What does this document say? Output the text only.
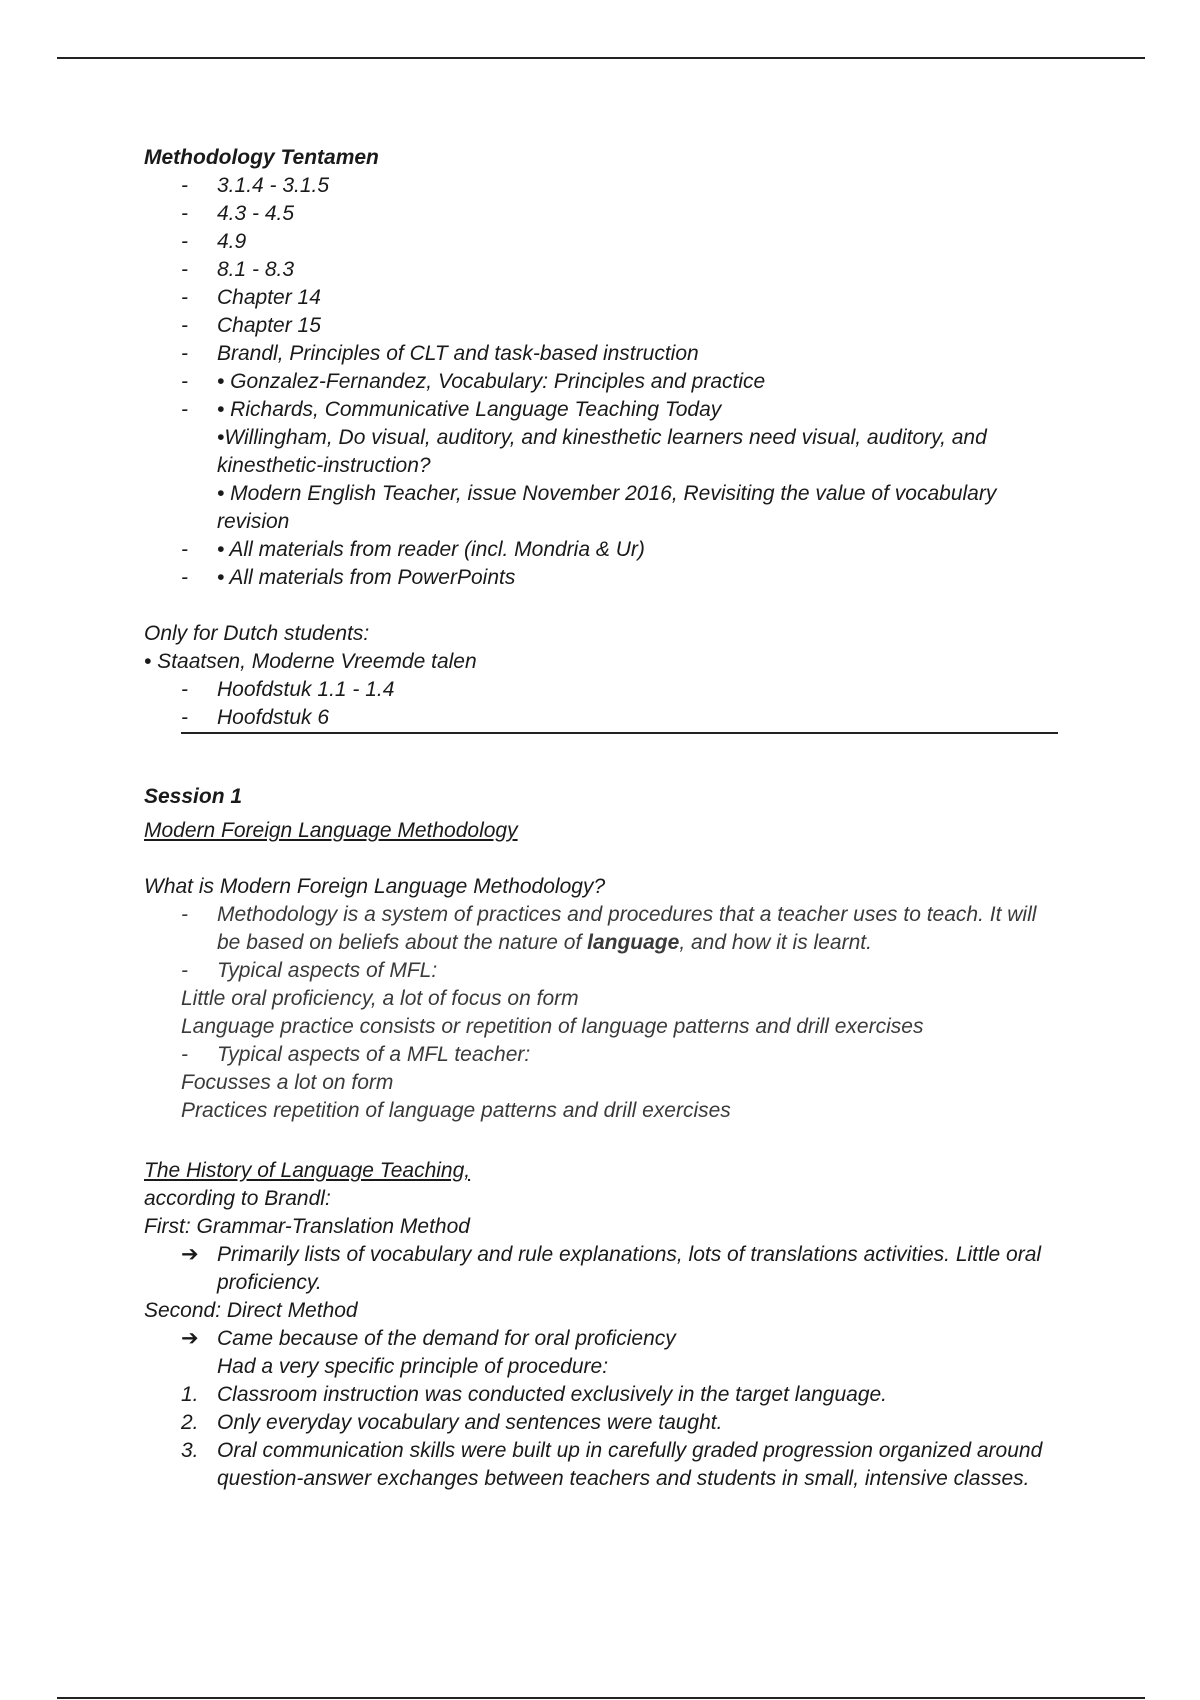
Methodology Tentamen

- 3.1.4 - 3.1.5
- 4.3 - 4.5
- 4.9
- 8.1 - 8.3
- Chapter 14
- Chapter 15
- Brandl, Principles of CLT and task-based instruction
- • Gonzalez-Fernandez, Vocabulary: Principles and practice
- • Richards, Communicative Language Teaching Today
•Willingham, Do visual, auditory, and kinesthetic learners need visual, auditory, and kinesthetic-instruction?
• Modern English Teacher, issue November 2016, Revisiting the value of vocabulary revision
- • All materials from reader (incl. Mondria & Ur)
- • All materials from PowerPoints
Only for Dutch students:
• Staatsen, Moderne Vreemde talen
- Hoofdstuk 1.1 - 1.4
- Hoofdstuk 6

Session 1

Modern Foreign Language Methodology
What is Modern Foreign Language Methodology?
- Methodology is a system of practices and procedures that a teacher uses to teach. It will be based on beliefs about the nature of language, and how it is learnt.
- Typical aspects of MFL:
Little oral proficiency, a lot of focus on form
Language practice consists or repetition of language patterns and drill exercises
- Typical aspects of a MFL teacher:
Focusses a lot on form
Practices repetition of language patterns and drill exercises
The History of Language Teaching,
according to Brandl:
First: Grammar-Translation Method
➔ Primarily lists of vocabulary and rule explanations, lots of translations activities. Little oral proficiency.
Second: Direct Method
➔ Came because of the demand for oral proficiency
Had a very specific principle of procedure:
1. Classroom instruction was conducted exclusively in the target language.
2. Only everyday vocabulary and sentences were taught.
3. Oral communication skills were built up in carefully graded progression organized around question-answer exchanges between teachers and students in small, intensive classes.
